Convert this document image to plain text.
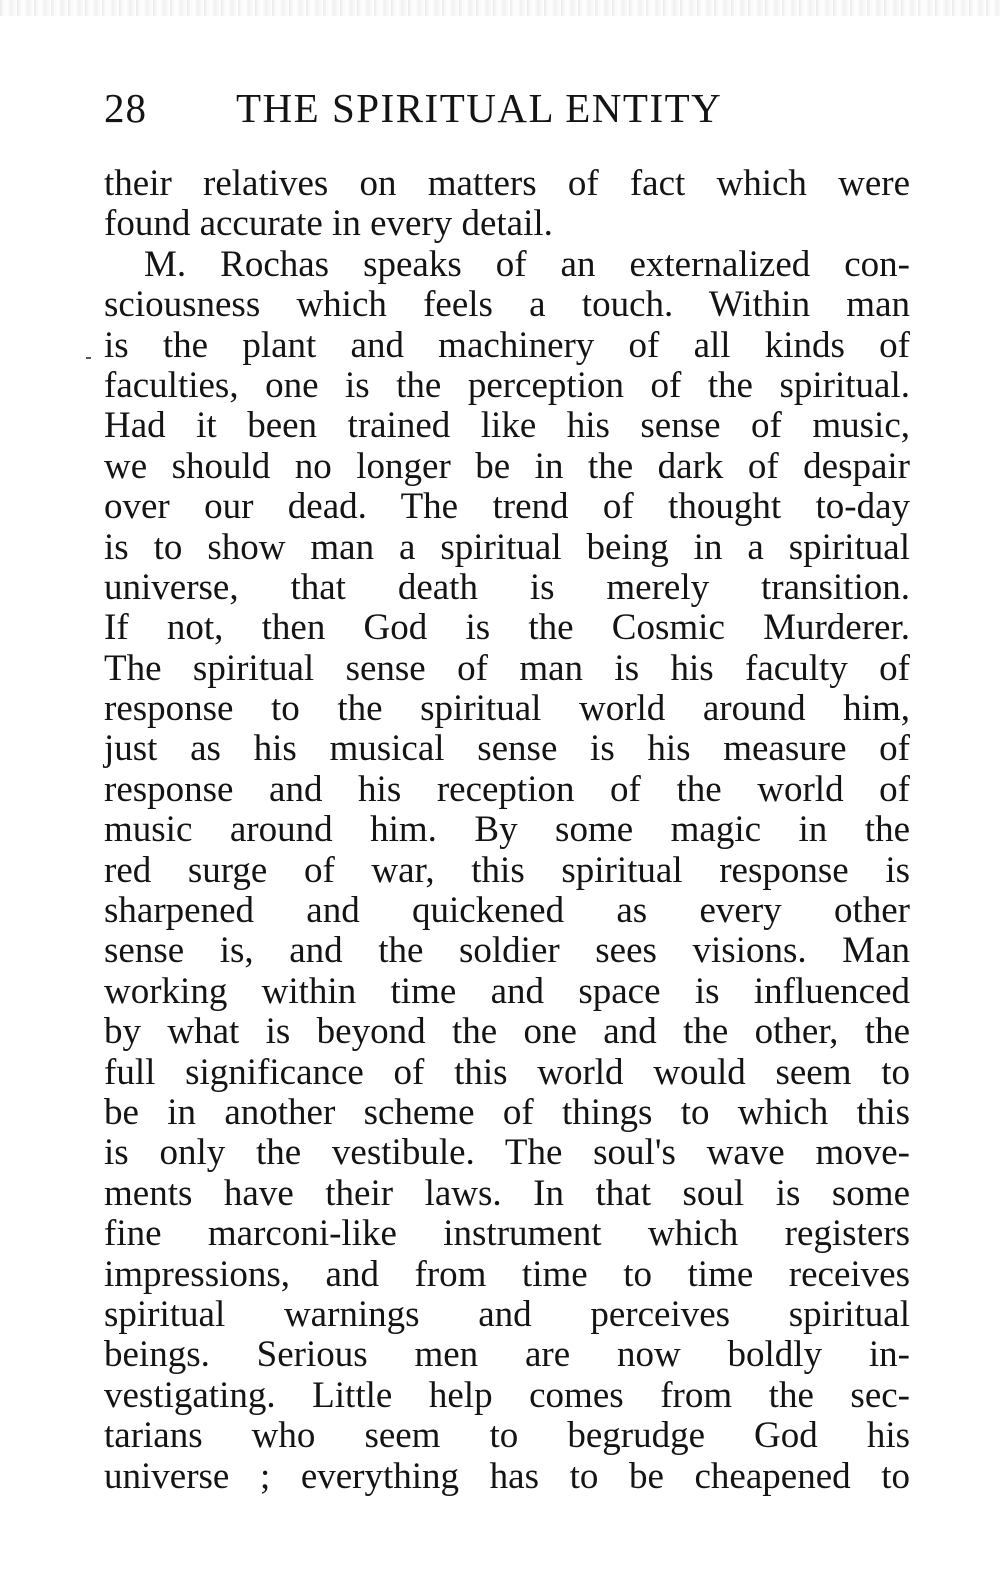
28 THE SPIRITUAL ENTITY
their relatives on matters of fact which were
found accurate in every detail.
M. Rochas speaks of an externalized con-
sciousness which feels a touch. Within man
is the plant and machinery of all kinds of
faculties, one is the perception of the spiritual.
Had it been trained like his sense of music,
we should no longer be in the dark of despair
over our dead. The trend of thought to-day
is to show man a spiritual being in a spiritual
universe, that death is merely transition.
If not, then God is the Cosmic Murderer.
The spiritual sense of man is his faculty of
response to the spiritual world around him,
just as his musical sense is his measure of
response and his reception of the world of
music around him. By some magic in the
red surge of war, this spiritual response is
sharpened and quickened as every other
sense is, and the soldier sees visions. Man
working within time and space is influenced
by what is beyond the one and the other, the
full significance of this world would seem to
be in another scheme of things to which this
is only the vestibule. The soul's wave move-
ments have their laws. In that soul is some
fine marconi-like instrument which registers
impressions, and from time to time receives
spiritual warnings and perceives spiritual
beings. Serious men are now boldly in-
vestigating. Little help comes from the sec-
tarians who seem to begrudge God his
universe ; everything has to be cheapened to
